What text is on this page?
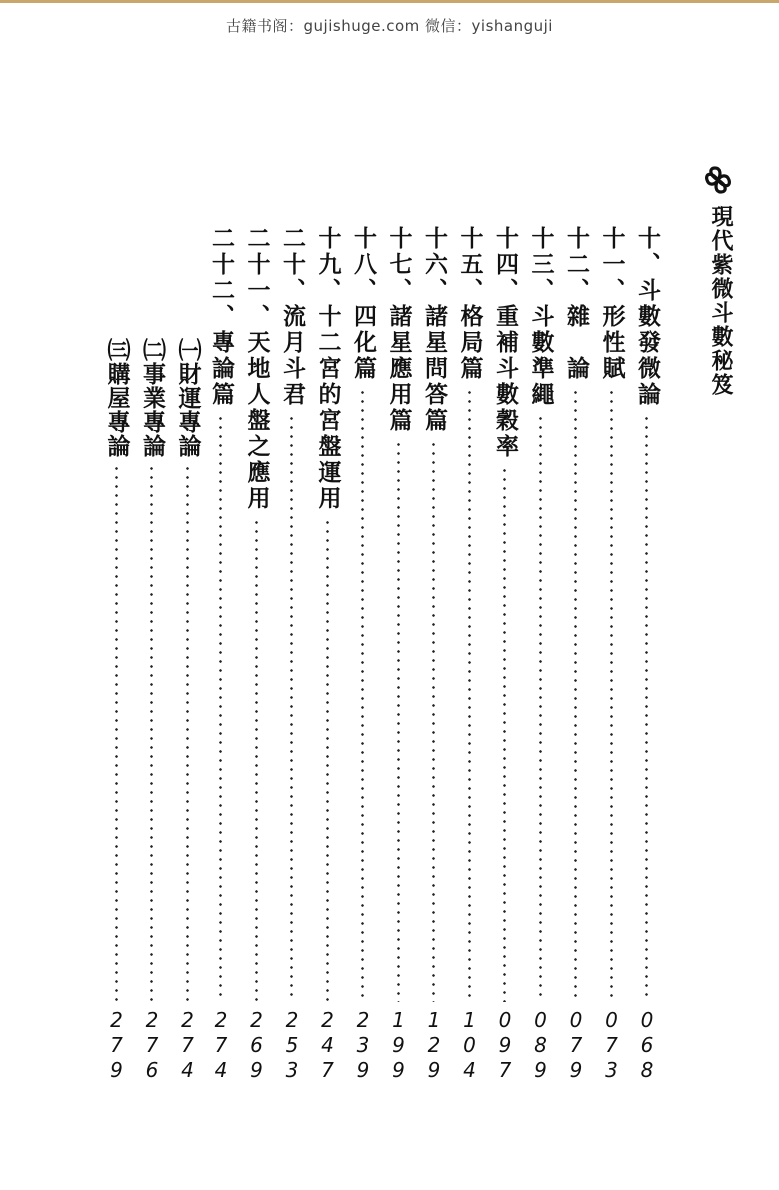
古籍书阁：gujishuge.com 微信：yishanguji
現代紫微斗數秘笈
十、斗數發微論
068
十一、形性賦
073
十二、雜　論
079
十三、斗數準繩
089
十四、重補斗數穀率
097
十五、格局篇
104
十六、諸星問答篇
129
十七、諸星應用篇
199
十八、四化篇
239
十九、十二宮的宮盤運用
247
二十、流月斗君
253
二十一、天地人盤之應用
269
二十二、專論篇
274
㈠財運專論
274
㈡事業專論
276
㈢購屋專論
279
